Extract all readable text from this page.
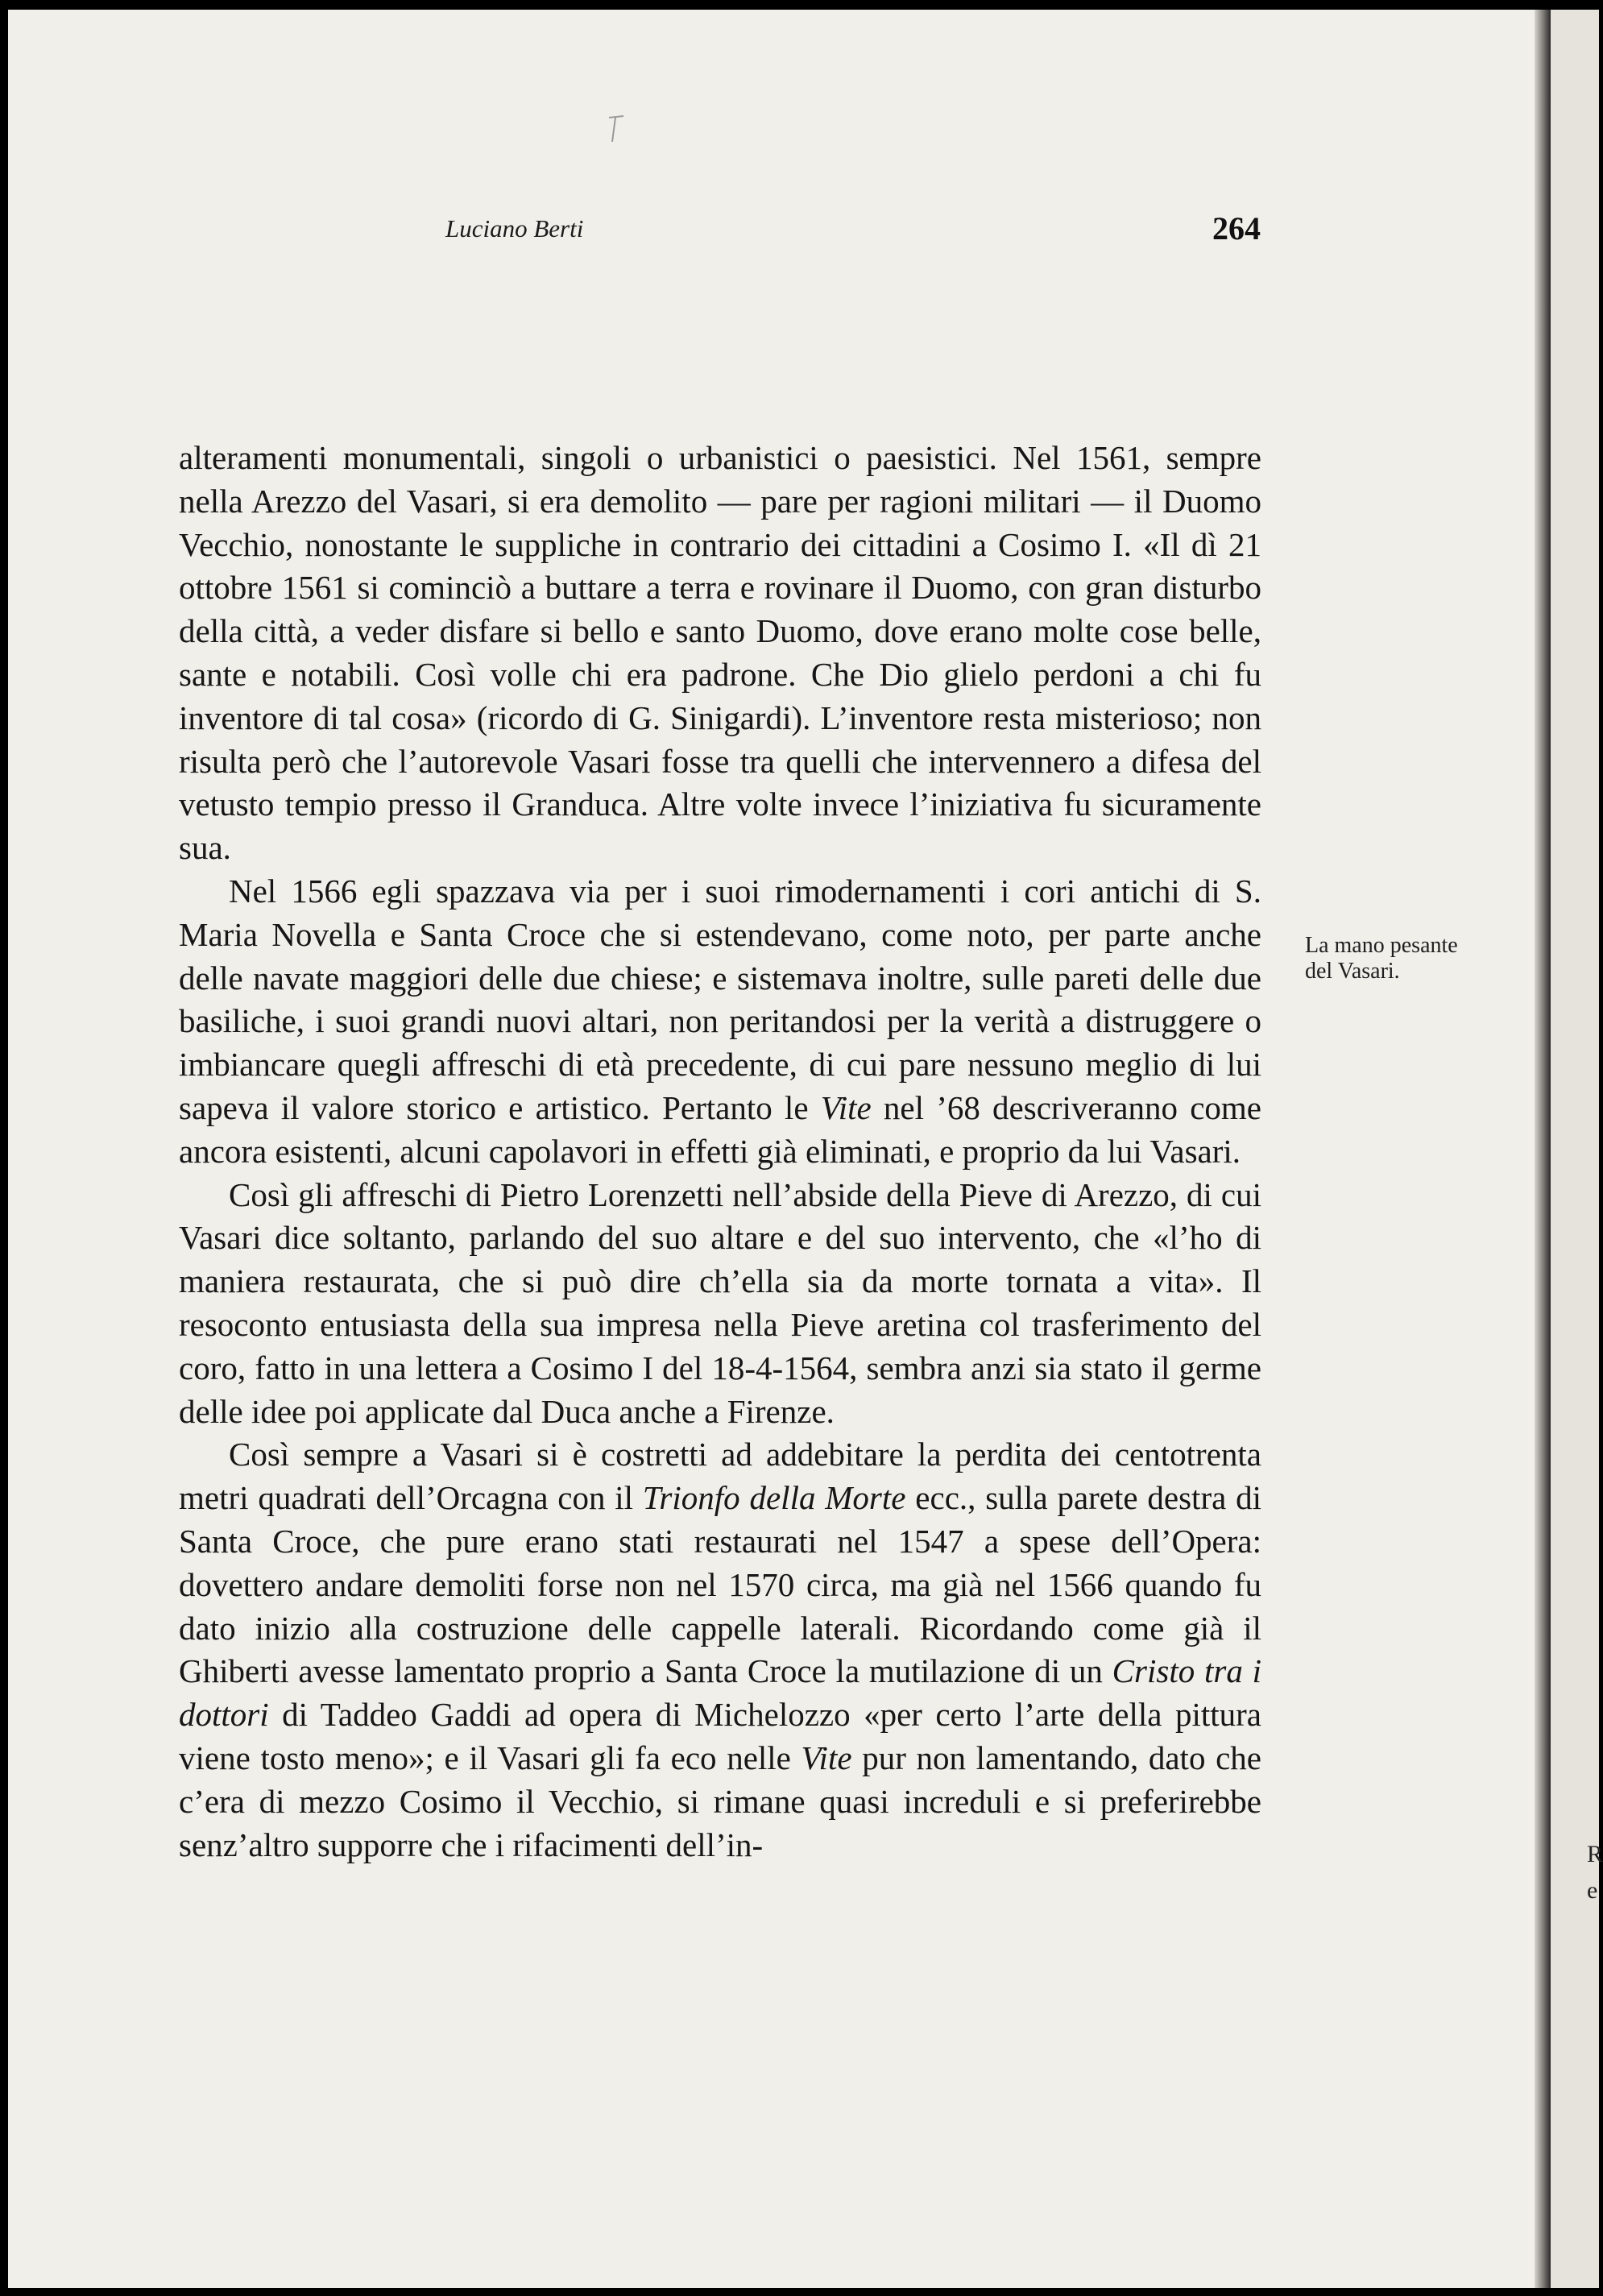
R
e
Luciano Berti	264

alteramenti monumentali, singoli o urbanistici o paesistici. Nel 1561, sempre nella Arezzo del Vasari, si era demolito — pare per ragioni militari — il Duomo Vecchio, nonostante le suppliche in contrario dei cittadini a Cosimo I. «Il dì 21 ottobre 1561 si cominciò a buttare a terra e rovinare il Duomo, con gran disturbo della città, a veder disfare si bello e santo Duomo, dove erano molte cose belle, sante e notabili. Così volle chi era padrone. Che Dio glielo perdoni a chi fu inventore di tal cosa» (ricordo di G. Sinigardi). L’inventore resta misterioso; non risulta però che l’autorevole Vasari fosse tra quelli che intervennero a difesa del vetusto tempio presso il Granduca. Altre volte invece l’iniziativa fu sicuramente sua.

Nel 1566 egli spazzava via per i suoi rimodernamenti i cori antichi di S. Maria Novella e Santa Croce che si estendevano, come noto, per parte anche delle navate maggiori delle due chiese; e sistemava inoltre, sulle pareti delle due basiliche, i suoi grandi nuovi altari, non peritandosi per la verità a distruggere o imbiancare quegli affreschi di età precedente, di cui pare nessuno meglio di lui sapeva il valore storico e artistico. Pertanto le Vite nel ’68 descriveranno come ancora esistenti, alcuni capolavori in effetti già eliminati, e proprio da lui Vasari.

Così gli affreschi di Pietro Lorenzetti nell’abside della Pieve di Arezzo, di cui Vasari dice soltanto, parlando del suo altare e del suo intervento, che «l’ho di maniera restaurata, che si può dire ch’ella sia da morte tornata a vita». Il resoconto entusiasta della sua impresa nella Pieve aretina col trasferimento del coro, fatto in una lettera a Cosimo I del 18-4-1564, sembra anzi sia stato il germe delle idee poi applicate dal Duca anche a Firenze.

Così sempre a Vasari si è costretti ad addebitare la perdita dei centotrenta metri quadrati dell’Orcagna con il Trionfo della Morte ecc., sulla parete destra di Santa Croce, che pure erano stati restaurati nel 1547 a spese dell’Opera: dovettero andare demoliti forse non nel 1570 circa, ma già nel 1566 quando fu dato inizio alla costruzione delle cappelle laterali. Ricordando come già il Ghiberti avesse lamentato proprio a Santa Croce la mutilazione di un Cristo tra i dottori di Taddeo Gaddi ad opera di Michelozzo «per certo l’arte della pittura viene tosto meno»; e il Vasari gli fa eco nelle Vite pur non lamentando, dato che c’era di mezzo Cosimo il Vecchio, si rimane quasi increduli e si preferirebbe senz’altro supporre che i rifacimenti dell’in-

La mano pesante del Vasari.
